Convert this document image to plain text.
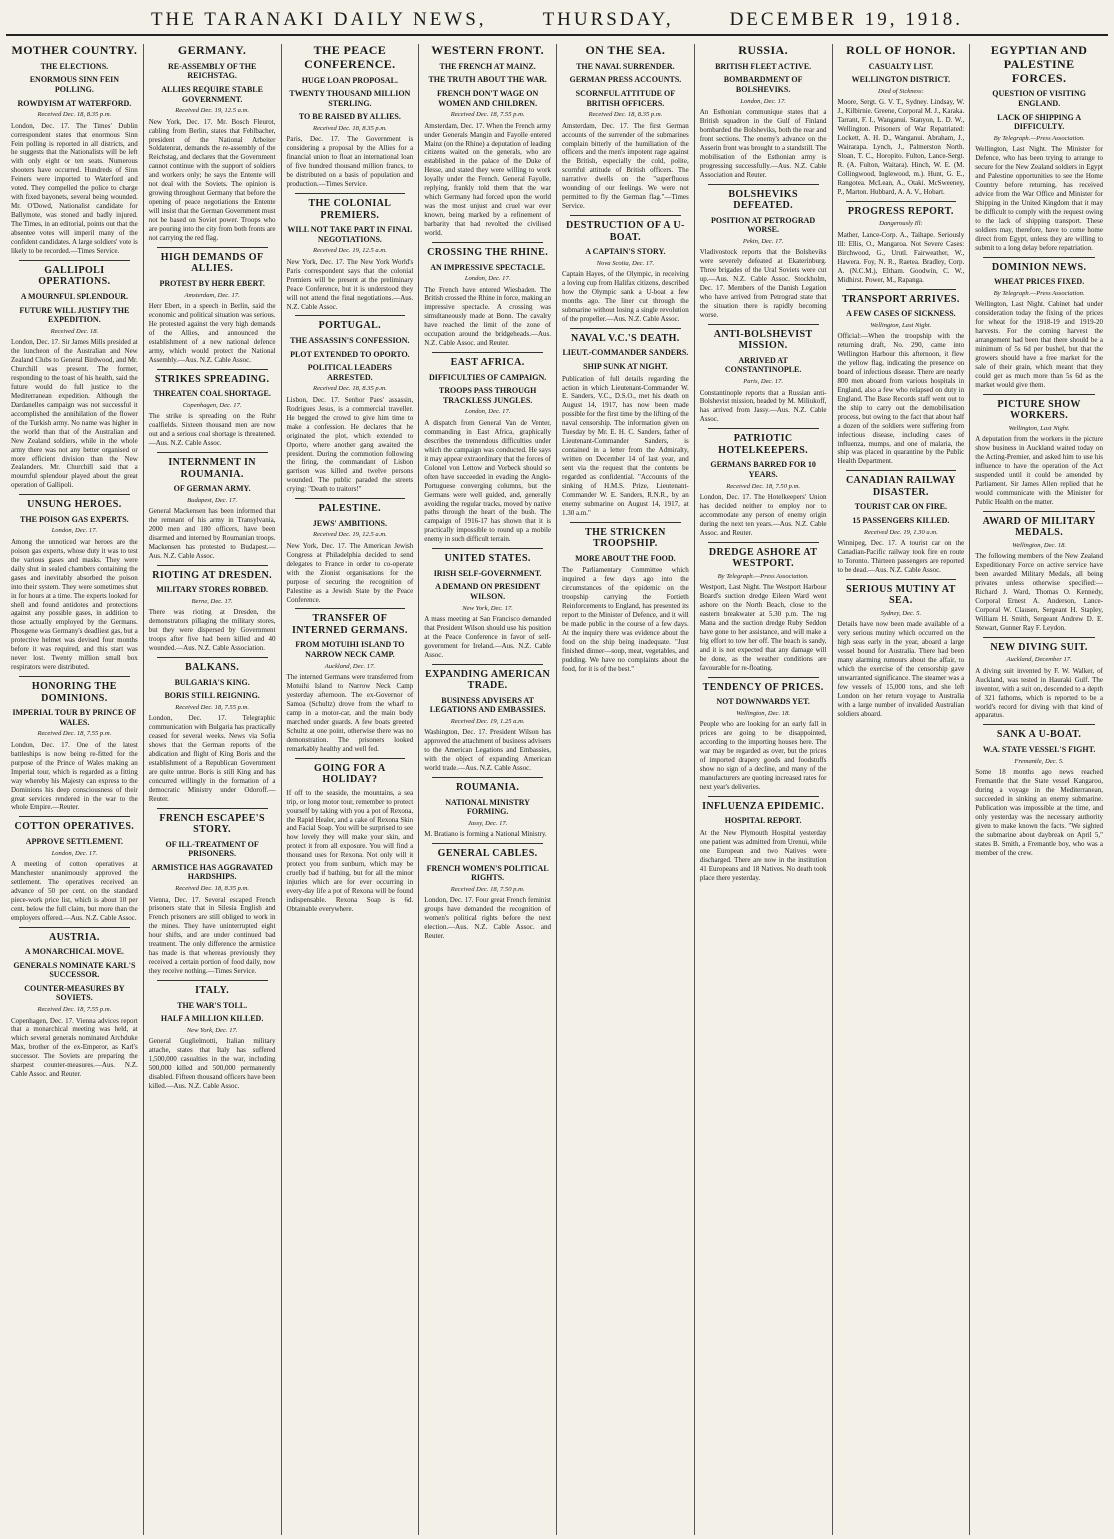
THE TARANAKI DAILY NEWS,	THURSDAY,	DECEMBER 19, 1918.
MOTHER COUNTRY.
THE ELECTIONS.
ENORMOUS SINN FEIN POLLING.
ROWDYISM AT WATERFORD.
Received Dec. 18, 8.35 p.m.
London, Dec. 17. The Times' Dublin correspondent states that enormous Sinn Fein polling is reported in all districts, and he suggests that the Nationalists will be left with only eight or ten seats. Numerous shooters have occurred. Hundreds of Sinn Feiners were imported to Waterford and voted. They compelled the police to charge with fixed bayonets, several being wounded. Mr. O'Dowd, Nationalist candidate for Ballymote, was stoned and badly injured. The Times, in an editorial, points out that the absentee votes will imperil many of the confident candidates. A large soldiers' vote is likely to be recorded.—Times Service.
GALLIPOLI OPERATIONS.
A MOURNFUL SPLENDOUR.
FUTURE WILL JUSTIFY THE EXPEDITION.
Received Dec. 18.
London, Dec. 17. Sir James Mills presided at the luncheon of the Australian and New Zealand Clubs to General Birdwood, and Mr. Churchill was present. The former, responding to the toast of his health, said the future would do full justice to the Mediterranean expedition. Although the Dardanelles campaign was not successful it accomplished the annihilation of the flower of the Turkish army. No name was higher in the world than that of the Australian and New Zealand soldiers, while in the whole army there was not any better organised or more efficient division than the New Zealanders. Mr. Churchill said that a mournful splendour played about the great operation of Gallipoli.
UNSUNG HEROES.
THE POISON GAS EXPERTS.
London, Dec. 17.
Among the unnoticed war heroes are the poison gas experts, whose duty it was to test the various gases and masks. They were daily shut in sealed chambers containing the gases and inevitably absorbed the poison into their system. They were sometimes shut in for hours at a time. The experts looked for shell and found antidotes and protections against any possible gases, in addition to those actually employed by the Germans. Phosgene was Germany's deadliest gas, but a protective helmet was devised four months before it was required, and this start was never lost. Twenty million small box respirators were distributed.
HONORING THE DOMINIONS.
IMPERIAL TOUR BY PRINCE OF WALES.
Received Dec. 18, 7.55 p.m.
London, Dec. 17. One of the latest battleships is now being re-fitted for the purpose of the Prince of Wales making an Imperial tour, which is regarded as a fitting way whereby his Majesty can express to the Dominions his deep consciousness of their great services rendered in the war to the whole Empire.—Reuter.
COTTON OPERATIVES.
APPROVE SETTLEMENT.
London, Dec. 17.
A meeting of cotton operatives at Manchester unanimously approved the settlement. The operatives received an advance of 50 per cent. on the standard piece-work price list, which is about 10 per cent. below the full claim, but more than the employers offered.—Aus. N.Z. Cable Assoc.
AUSTRIA.
A MONARCHICAL MOVE.
GENERALS NOMINATE KARL'S SUCCESSOR.
COUNTER-MEASURES BY SOVIETS.
Received Dec. 18, 7.55 p.m.
Copenhagen, Dec. 17. Vienna advices report that a monarchical meeting was held, at which several generals nominated Archduke Max, brother of the ex-Emperor, as Karl's successor. The Soviets are preparing the sharpest counter-measures.—Aus. N.Z. Cable Assoc. and Reuter.
GERMANY.
RE-ASSEMBLY OF THE REICHSTAG.
ALLIES REQUIRE STABLE GOVERNMENT.
Received Dec. 19, 12.5 a.m.
New York, Dec. 17. Mr. Bosch Fleurot, cabling from Berlin, states that Fehlbacher, president of the National Arbeiter Soldatenrat, demands the re-assembly of the Reichstag, and declares that the Government cannot continue with the support of soldiers and workers only; he says the Entente will not deal with the Soviets. The opinion is growing throughout Germany that before the opening of peace negotiations the Entente will insist that the German Government must not be based on Soviet power. Troops who are pouring into the city from both fronts are not carrying the red flag.
HIGH DEMANDS OF ALLIES.
PROTEST BY HERR EBERT.
Amsterdam, Dec. 17.
Herr Ebert, in a speech in Berlin, said the economic and political situation was serious. He protested against the very high demands of the Allies, and announced the establishment of a new national defence army, which would protect the National Assembly.—Aus. N.Z. Cable Assoc.
STRIKES SPREADING.
THREATEN COAL SHORTAGE.
Copenhagen, Dec. 17.
The strike is spreading on the Ruhr coalfields. Sixteen thousand men are now out and a serious coal shortage is threatened.—Aus. N.Z. Cable Assoc.
INTERNMENT IN ROUMANIA.
OF GERMAN ARMY.
Budapest, Dec. 17.
General Mackensen has been informed that the remnant of his army in Transylvania, 2000 men and 180 officers, have been disarmed and interned by Roumanian troops. Mackensen has protested to Budapest.—Aus. N.Z. Cable Assoc.
RIOTING AT DRESDEN.
MILITARY STORES ROBBED.
Berne, Dec. 17.
There was rioting at Dresden, the demonstrators pillaging the military stores, but they were dispersed by Government troops after five had been killed and 40 wounded.—Aus. N.Z. Cable Association.
BALKANS.
BULGARIA'S KING.
BORIS STILL REIGNING.
Received Dec. 18, 7.55 p.m.
London, Dec. 17. Telegraphic communication with Bulgaria has practically ceased for several weeks. News via Sofia shows that the German reports of the abdication and flight of King Boris and the establishment of a Republican Government are quite untrue. Boris is still King and has concurred willingly in the formation of a democratic Ministry under Odoroff.—Reuter.
FRENCH ESCAPEE'S STORY.
OF ILL-TREATMENT OF PRISONERS.
ARMISTICE HAS AGGRAVATED HARDSHIPS.
Received Dec. 18, 8.35 p.m.
Vienna, Dec. 17. Several escaped French prisoners state that in Silesia English and French prisoners are still obliged to work in the mines. They have uninterrupted eight hour shifts, and are under continued bad treatment. The only difference the armistice has made is that whereas previously they received a certain portion of food daily, now they receive nothing.—Times Service.
ITALY.
THE WAR'S TOLL.
HALF A MILLION KILLED.
New York, Dec. 17.
General Guglielmotti, Italian military attache, states that Italy has suffered 1,500,000 casualties in the war, including 500,000 killed and 500,000 permanently disabled. Fifteen thousand officers have been killed.—Aus. N.Z. Cable Assoc.
THE PEACE CONFERENCE.
HUGE LOAN PROPOSAL.
TWENTY THOUSAND MILLION STERLING.
TO BE RAISED BY ALLIES.
Received Dec. 18, 8.35 p.m.
Paris, Dec. 17. The Government is considering a proposal by the Allies for a financial union to float an international loan of five hundred thousand million francs, to be distributed on a basis of population and production.—Times Service.
THE COLONIAL PREMIERS.
WILL NOT TAKE PART IN FINAL NEGOTIATIONS.
Received Dec. 19, 12.5 a.m.
New York, Dec. 17. The New York World's Paris correspondent says that the colonial Premiers will be present at the preliminary Peace Conference, but it is understood they will not attend the final negotiations.—Aus. N.Z. Cable Assoc.
PORTUGAL.
THE ASSASSIN'S CONFESSION.
PLOT EXTENDED TO OPORTO.
POLITICAL LEADERS ARRESTED.
Received Dec. 18, 8.35 p.m.
Lisbon, Dec. 17. Senhor Paes' assassin, Rodrigues Jesus, is a commercial traveller. He begged the crowd to give him time to make a confession. He declares that he originated the plot, which extended to Oporto, where another gang awaited the president. During the commotion following the firing, the commandant of Lisbon garrison was killed and twelve persons wounded. The public paraded the streets crying: "Death to traitors!"
PALESTINE.
JEWS' AMBITIONS.
Received Dec. 19, 12.5 a.m.
New York, Dec. 17. The American Jewish Congress at Philadelphia decided to send delegates to France in order to co-operate with the Zionist organisations for the purpose of securing the recognition of Palestine as a Jewish State by the Peace Conference.
TRANSFER OF INTERNED GERMANS.
FROM MOTUIHI ISLAND TO NARROW NECK CAMP.
Auckland, Dec. 17.
The interned Germans were transferred from Motuihi Island to Narrow Neck Camp yesterday afternoon. The ex-Governor of Samoa (Schultz) drove from the wharf to camp in a motor-car, and the main body marched under guards. A few boats greeted Schultz at one point, otherwise there was no demonstration. The prisoners looked remarkably healthy and well fed.
GOING FOR A HOLIDAY?
If off to the seaside, the mountains, a sea trip, or long motor tour, remember to protect yourself by taking with you a pot of Rexona, the Rapid Healer, and a cake of Rexona Skin and Facial Soap. You will be surprised to see how lovely they will make your skin, and protect it from all exposure. You will find a thousand uses for Rexona. Not only will it protect you from sunburn, which may be cruelly bad if bathing, but for all the minor injuries which are for ever occurring in every-day life a pot of Rexona will be found indispensable. Rexona Soap is 6d. Obtainable everywhere.
WESTERN FRONT.
THE FRENCH AT MAINZ.
THE TRUTH ABOUT THE WAR.
FRENCH DON'T WAGE ON WOMEN AND CHILDREN.
Received Dec. 18, 7.55 p.m.
Amsterdam, Dec. 17. When the French army under Generals Mangin and Fayolle entered Mainz (on the Rhine) a deputation of leading citizens waited on the generals, who are established in the palace of the Duke of Hesse, and stated they were willing to work loyally under the French. General Fayolle, replying, frankly told them that the war which Germany had forced upon the world was the most unjust and cruel war ever known, being marked by a refinement of barbarity that had revolted the civilised world.
CROSSING THE RHINE.
AN IMPRESSIVE SPECTACLE.
London, Dec. 17.
The French have entered Wiesbaden. The British crossed the Rhine in force, making an impressive spectacle. A crossing was simultaneously made at Bonn. The cavalry have reached the limit of the zone of occupation around the bridgeheads.—Aus. N.Z. Cable Assoc. and Reuter.
EAST AFRICA.
DIFFICULTIES OF CAMPAIGN.
TROOPS PASS THROUGH TRACKLESS JUNGLES.
London, Dec. 17.
A dispatch from General Van de Venter, commanding in East Africa, graphically describes the tremendous difficulties under which the campaign was conducted. He says it may appear extraordinary that the forces of Colonel von Lettow and Vorbeck should so often have succeeded in evading the Anglo-Portuguese converging columns, but the Germans were well guided, and, generally avoiding the regular tracks, moved by native paths through the heart of the bush. The campaign of 1916-17 has shown that it is practically impossible to round up a mobile enemy in such difficult terrain.
UNITED STATES.
IRISH SELF-GOVERNMENT.
A DEMAND ON PRESIDENT WILSON.
New York, Dec. 17.
A mass meeting at San Francisco demanded that President Wilson should use his position at the Peace Conference in favor of self-government for Ireland.—Aus. N.Z. Cable Assoc.
EXPANDING AMERICAN TRADE.
BUSINESS ADVISERS AT LEGATIONS AND EMBASSIES.
Received Dec. 19, 1.25 a.m.
Washington, Dec. 17. President Wilson has approved the attachment of business advisers to the American Legations and Embassies, with the object of expanding American world trade.—Aus. N.Z. Cable Assoc.
ROUMANIA.
NATIONAL MINISTRY FORMING.
Jassy, Dec. 17.
M. Bratiano is forming a National Ministry.
GENERAL CABLES.
FRENCH WOMEN'S POLITICAL RIGHTS.
Received Dec. 18, 7.50 p.m.
London, Dec. 17. Four great French feminist groups have demanded the recognition of women's political rights before the next election.—Aus. N.Z. Cable Assoc. and Reuter.
ON THE SEA.
THE NAVAL SURRENDER.
GERMAN PRESS ACCOUNTS.
SCORNFUL ATTITUDE OF BRITISH OFFICERS.
Received Dec. 18, 8.35 p.m.
Amsterdam, Dec. 17. The first German accounts of the surrender of the submarines complain bitterly of the humiliation of the officers and the men's impotent rage against the British, especially the cold, polite, scornful attitude of British officers. The narrative dwells on the "superfluous wounding of our feelings. We were not permitted to fly the German flag."—Times Service.
DESTRUCTION OF A U-BOAT.
A CAPTAIN'S STORY.
Nova Scotia, Dec. 17.
Captain Hayes, of the Olympic, in receiving a loving cup from Halifax citizens, described how the Olympic sank a U-boat a few months ago. The liner cut through the submarine without losing a single revolution of the propeller.—Aus. N.Z. Cable Assoc.
NAVAL V.C.'S DEATH.
LIEUT.-COMMANDER SANDERS.
SHIP SUNK AT NIGHT.
Publication of full details regarding the action in which Lieutenant-Commander W. E. Sanders, V.C., D.S.O., met his death on August 14, 1917, has now been made possible for the first time by the lifting of the naval censorship. The information given on Tuesday by Mr. E. H. C. Sanders, father of Lieutenant-Commander Sanders, is contained in a letter from the Admiralty, written on December 14 of last year, and sent via the request that the contents be regarded as confidential. "Accounts of the sinking of H.M.S. Prize, Lieutenant-Commander W. E. Sanders, R.N.R., by an enemy submarine on August 14, 1917, at 1.30 a.m."
THE STRICKEN TROOPSHIP.
MORE ABOUT THE FOOD.
The Parliamentary Committee which inquired a few days ago into the circumstances of the epidemic on the troopship carrying the Fortieth Reinforcements to England, has presented its report to the Minister of Defence, and it will be made public in the course of a few days. At the inquiry there was evidence about the food on the ship being inadequate. "Just finished dinner—soup, meat, vegetables, and pudding. We have no complaints about the food, for it is of the best."
RUSSIA.
BRITISH FLEET ACTIVE.
BOMBARDMENT OF BOLSHEVIKS.
London, Dec. 17.
An Esthonian communique states that a British squadron in the Gulf of Finland bombarded the Bolsheviks, both the rear and front sections. The enemy's advance on the Asserin front was brought to a standstill. The mobilisation of the Esthonian army is progressing successfully.—Aus. N.Z. Cable Association and Reuter.
BOLSHEVIKS DEFEATED.
POSITION AT PETROGRAD WORSE.
Pekin, Dec. 17.
Vladivostock reports that the Bolsheviks were severely defeated at Ekaterinburg. Three brigades of the Ural Soviets were cut up.—Aus. N.Z. Cable Assoc. Stockholm, Dec. 17. Members of the Danish Legation who have arrived from Petrograd state that the situation there is rapidly becoming worse.
ANTI-BOLSHEVIST MISSION.
ARRIVED AT CONSTANTINOPLE.
Paris, Dec. 17.
Constantinople reports that a Russian anti-Bolshevist mission, headed by M. Miliukoff, has arrived from Jassy.—Aus. N.Z. Cable Assoc.
PATRIOTIC HOTELKEEPERS.
GERMANS BARRED FOR 10 YEARS.
Received Dec. 18, 7.50 p.m.
London, Dec. 17. The Hotelkeepers' Union has decided neither to employ nor to accommodate any person of enemy origin during the next ten years.—Aus. N.Z. Cable Assoc. and Reuter.
DREDGE ASHORE AT WESTPORT.
By Telegraph.—Press Association.
Westport, Last Night. The Westport Harbour Board's suction dredge Eileen Ward went ashore on the North Beach, close to the eastern breakwater at 5.30 p.m. The tug Mana and the suction dredge Ruby Seddon have gone to her assistance, and will make a big effort to tow her off. The beach is sandy, and it is not expected that any damage will be done, as the weather conditions are favourable for re-floating.
TENDENCY OF PRICES.
NOT DOWNWARDS YET.
Wellington, Dec. 18.
People who are looking for an early fall in prices are going to be disappointed, according to the importing houses here. The war may be regarded as over, but the prices of imported drapery goods and foodstuffs show no sign of a decline, and many of the manufacturers are quoting increased rates for next year's deliveries.
INFLUENZA EPIDEMIC.
HOSPITAL REPORT.
At the New Plymouth Hospital yesterday one patient was admitted from Urenui, while one European and two Natives were discharged. There are now in the institution 41 Europeans and 18 Natives. No death took place there yesterday.
ROLL OF HONOR.
CASUALTY LIST.
WELLINGTON DISTRICT.
Died of Sickness:
Moore, Sergt. G. V. T., Sydney. Lindsay, W. J., Kilbirnie. Greene, Corporal M. J., Karaka. Tarrant, F. I., Wanganui. Stanyon, L. D. W., Wellington. Prisoners of War Repatriated: Lockett, A. H. D., Wanganui. Abraham, J., Wairarapa. Lynch, J., Palmerston North. Sloan, T. C., Horopito. Fulton, Lance-Sergt. R. (A. Fulton, Waitara). Hinch, W. E. (M. Collingwood, Inglewood, m.). Hunt, G. E., Rangotea. McLean, A., Otaki. McSweeney, P., Marton. Hubbard, A. A. V., Hobart.
PROGRESS REPORT.
Dangerously Ill:
Mather, Lance-Corp. A., Taihape. Seriously Ill: Ellis, O., Mangaroa. Not Severe Cases: Birchwood, G., Urutl. Fairweather, W., Hawera. Foy, N. R., Raetea. Bradley, Corp. A. (N.C.M.), Eltham. Goodwin, C. W., Midhirst. Power, M., Rapanga.
TRANSPORT ARRIVES.
A FEW CASES OF SICKNESS.
Wellington, Last Night.
Official:—When the troopship with the returning draft, No. 290, came into Wellington Harbour this afternoon, it flew the yellow flag, indicating the presence on board of infectious disease. There are nearly 800 men aboard from various hospitals in England, also a few who relapsed on duty in England. The Base Records staff went out to the ship to carry out the demobilisation process, but owing to the fact that about half a dozen of the soldiers were suffering from infectious disease, including cases of influenza, mumps, and one of malaria, the ship was placed in quarantine by the Public Health Department.
CANADIAN RAILWAY DISASTER.
TOURIST CAR ON FIRE.
15 PASSENGERS KILLED.
Received Dec. 19, 1.30 a.m.
Winnipeg, Dec. 17. A tourist car on the Canadian-Pacific railway took fire en route to Toronto. Thirteen passengers are reported to be dead.—Aus. N.Z. Cable Assoc.
SERIOUS MUTINY AT SEA.
Sydney, Dec. 5.
Details have now been made available of a very serious mutiny which occurred on the high seas early in the year, aboard a large vessel bound for Australia. There had been many alarming rumours about the affair, to which the exercise of the censorship gave unwarranted significance. The steamer was a few vessels of 15,000 tons, and she left London on her return voyage to Australia with a large number of invalided Australian soldiers aboard.
EGYPTIAN AND PALESTINE FORCES.
QUESTION OF VISITING ENGLAND.
LACK OF SHIPPING A DIFFICULTY.
By Telegraph.—Press Association.
Wellington, Last Night. The Minister for Defence, who has been trying to arrange to secure for the New Zealand soldiers in Egypt and Palestine opportunities to see the Home Country before returning, has received advice from the War Office and Minister for Shipping in the United Kingdom that it may be difficult to comply with the request owing to the lack of shipping transport. These soldiers may, therefore, have to come home direct from Egypt, unless they are willing to submit to a long delay before repatriation.
DOMINION NEWS.
WHEAT PRICES FIXED.
By Telegraph.—Press Association.
Wellington, Last Night. Cabinet had under consideration today the fixing of the prices for wheat for the 1918-19 and 1919-20 harvests. For the coming harvest the arrangement had been that there should be a minimum of 5s 6d per bushel, but that the growers should have a free market for the sale of their grain, which meant that they could get as much more than 5s 6d as the market would give them.
PICTURE SHOW WORKERS.
Wellington, Last Night.
A deputation from the workers in the picture show business in Auckland waited today on the Acting-Premier, and asked him to use his influence to have the operation of the Act suspended until it could be amended by Parliament. Sir James Allen replied that he would communicate with the Minister for Public Health on the matter.
AWARD OF MILITARY MEDALS.
Wellington, Dec. 18.
The following members of the New Zealand Expeditionary Force on active service have been awarded Military Medals, all being privates unless otherwise specified:—Richard J. Ward, Thomas O. Kennedy, Corporal Ernest A. Anderson, Lance-Corporal W. Clausen, Sergeant H. Stapley, William H. Smith, Sergeant Andrew D. E. Stewart, Gunner Ray F. Leydon.
NEW DIVING SUIT.
Auckland, December 17.
A diving suit invented by F. W. Walker, of Auckland, was tested in Hauraki Gulf. The inventor, with a suit on, descended to a depth of 321 fathoms, which is reported to be a world's record for diving with that kind of apparatus.
SANK A U-BOAT.
W.A. STATE VESSEL'S FIGHT.
Fremantle, Dec. 5.
Some 18 months ago news reached Fremantle that the State vessel Kangaroo, during a voyage in the Mediterranean, succeeded in sinking an enemy submarine. Publication was impossible at the time, and only yesterday was the necessary authority given to make known the facts. "We sighted the submarine about daybreak on April 5," states B. Smith, a Fremantle boy, who was a member of the crew.
